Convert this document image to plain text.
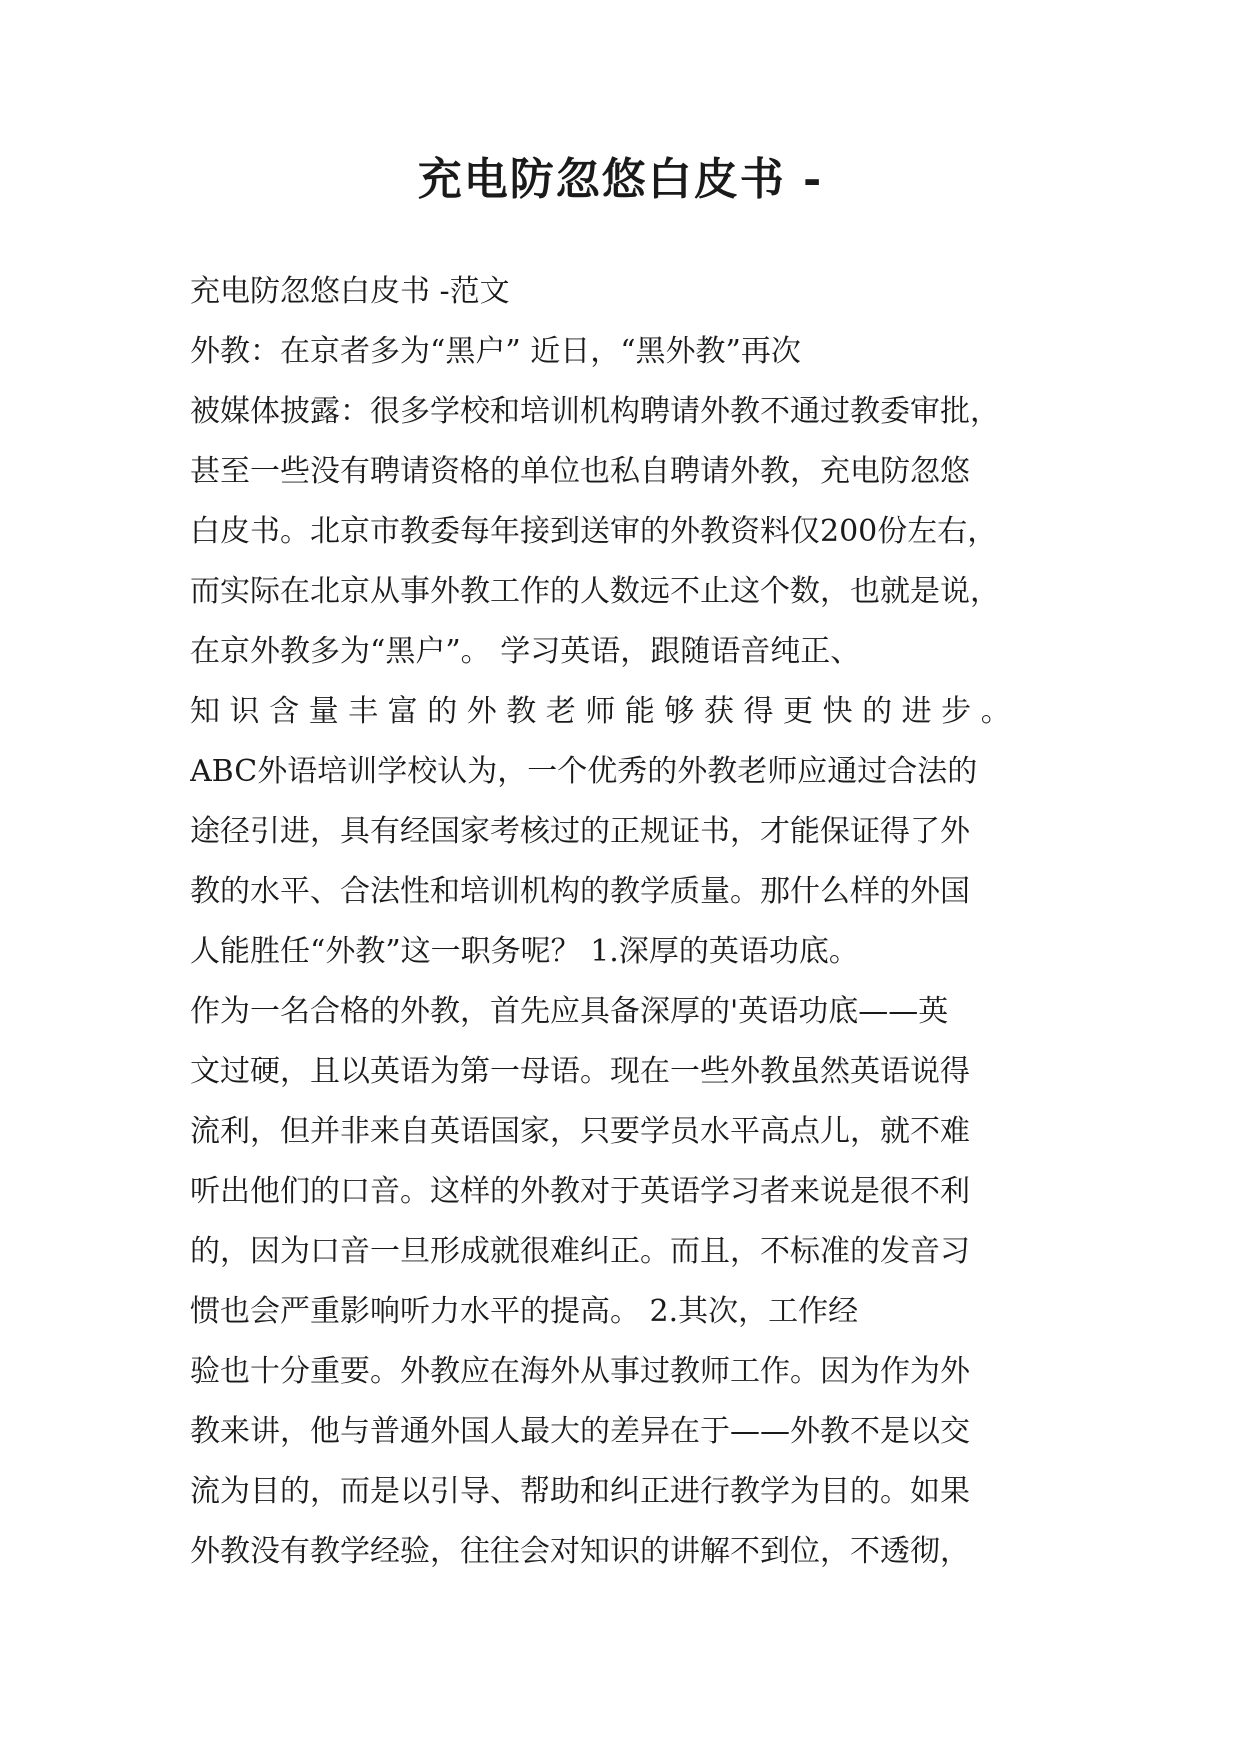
充电防忽悠白皮书 -
充电防忽悠白皮书 -范文
外教：在京者多为“黑户” 近日，“黑外教”再次
被媒体披露：很多学校和培训机构聘请外教不通过教委审批，
甚至一些没有聘请资格的单位也私自聘请外教，充电防忽悠
白皮书。北京市教委每年接到送审的外教资料仅200份左右，
而实际在北京从事外教工作的人数远不止这个数，也就是说，
在京外教多为“黑户”。 学习英语，跟随语音纯正、
知 识 含 量 丰 富 的 外 教 老 师 能 够 获 得 更 快 的 进 步 。
ABC外语培训学校认为，一个优秀的外教老师应通过合法的
途径引进，具有经国家考核过的正规证书，才能保证得了外
教的水平、合法性和培训机构的教学质量。那什么样的外国
人能胜任“外教”这一职务呢？ 1.深厚的英语功底。
作为一名合格的外教，首先应具备深厚的'英语功底——英
文过硬，且以英语为第一母语。现在一些外教虽然英语说得
流利，但并非来自英语国家，只要学员水平高点儿，就不难
听出他们的口音。这样的外教对于英语学习者来说是很不利
的，因为口音一旦形成就很难纠正。而且，不标准的发音习
惯也会严重影响听力水平的提高。 2.其次，工作经
验也十分重要。外教应在海外从事过教师工作。因为作为外
教来讲，他与普通外国人最大的差异在于——外教不是以交
流为目的，而是以引导、帮助和纠正进行教学为目的。如果
外教没有教学经验，往往会对知识的讲解不到位，不透彻，
